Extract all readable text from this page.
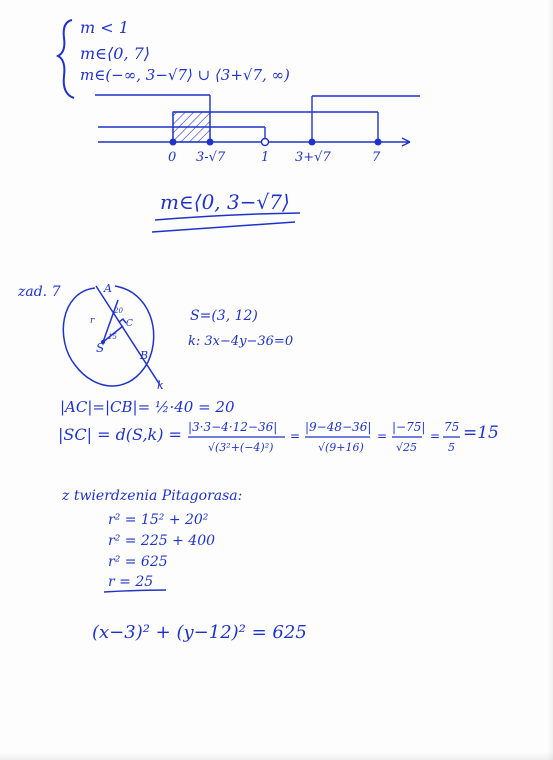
m < 1
m∈⟨0, 7⟩
m∈(−∞, 3−√7⟩ ∪ ⟨3+√7, ∞)
0 3-√7	1 3+√7	7
m∈⟨0, 3−√7⟩
zad. 7	A
C
B
S
k
r
20
15
S=(3, 12)
k: 3x−4y−36=0
|AC|=|CB|= ½·40 = 20
|SC| = d(S,k) = |3·3−4·12−36|
√(3²+(−4)²)
=
|9−48−36|
√(9+16)
=
|−75|
√25
=
75
5
=15
z twierdzenia Pitagorasa:
r² = 15² + 20²
r² = 225 + 400
r² = 625
r = 25
(x−3)² + (y−12)² = 625
